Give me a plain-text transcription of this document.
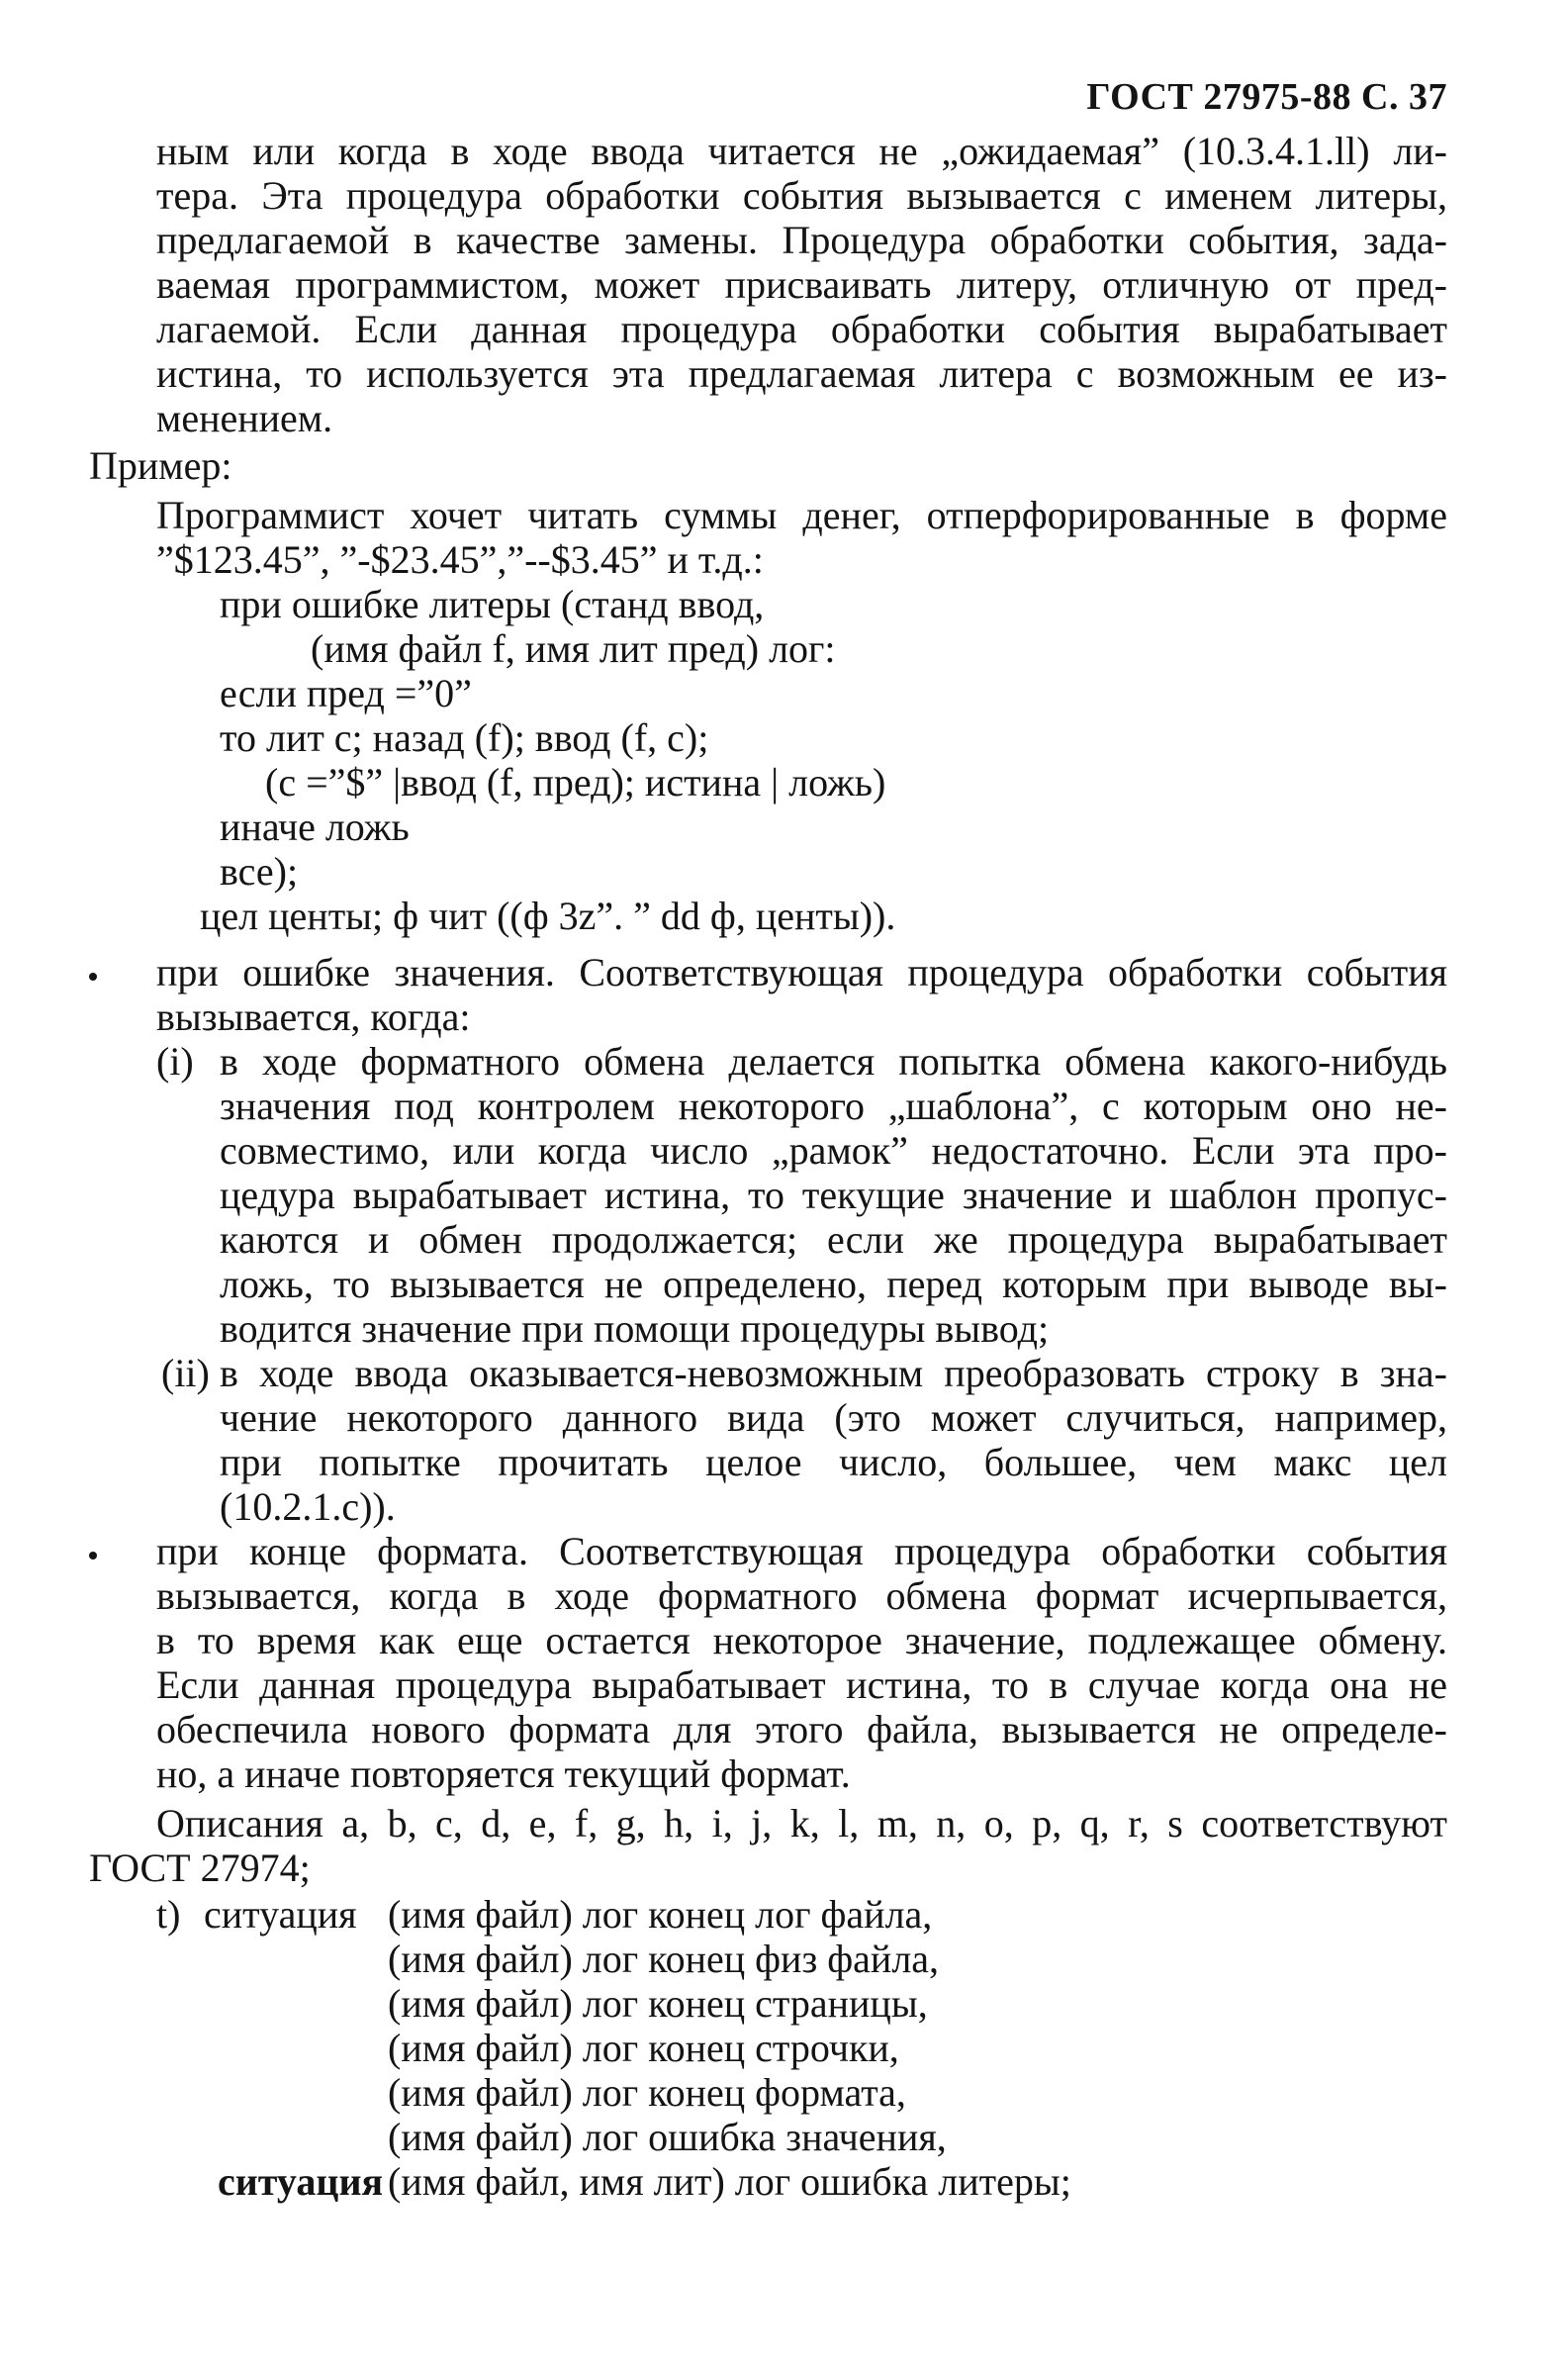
ГОСТ 27975-88 С. 37
ным или когда в ходе ввода читается не „ожидаемая” (10.3.4.1.ll) ли-
тера. Эта процедура обработки события вызывается с именем литеры,
предлагаемой в качестве замены. Процедура обработки события, зада-
ваемая программистом, может присваивать литеру, отличную от пред-
лагаемой. Если данная процедура обработки события вырабатывает
истина, то используется эта предлагаемая литера с возможным ее из-
менением.
Пример:
Программист хочет читать суммы денег, отперфорированные в форме
”$123.45”, ”-$23.45”,”--$3.45” и т.д.:
при ошибке литеры (станд ввод,
(имя файл f, имя лит пред) лог:
если пред =”0”
то лит с; назад (f); ввод (f, c);
(c =”$” |ввод (f, пред); истина | ложь)
иначе ложь
все);
цел центы; ф чит ((ф 3z”. ” dd ф, центы)).
при ошибке значения. Соответствующая процедура обработки события
вызывается, когда:
(i) в ходе форматного обмена делается попытка обмена какого-нибудь
значения под контролем некоторого „шаблона”, с которым оно не-
совместимо, или когда число „рамок” недостаточно. Если эта про-
цедура вырабатывает истина, то текущие значение и шаблон пропус-
каются и обмен продолжается; если же процедура вырабатывает
ложь, то вызывается не определено, перед которым при выводе вы-
водится значение при помощи процедуры вывод;
(ii) в ходе ввода оказывается-невозможным преобразовать строку в зна-
чение некоторого данного вида (это может случиться, например,
при попытке прочитать целое число, большее, чем макс цел
(10.2.1.с)).
при конце формата. Соответствующая процедура обработки события
вызывается, когда в ходе форматного обмена формат исчерпывается,
в то время как еще остается некоторое значение, подлежащее обмену.
Если данная процедура вырабатывает истина, то в случае когда она не
обеспечила нового формата для этого файла, вызывается не определе-
но, а иначе повторяется текущий формат.
Описания a, b, c, d, e, f, g, h, i, j, k, l, m, n, o, p, q, r, s соответствуют
ГОСТ 27974;
t) ситуация (имя файл) лог конец лог файла,
(имя файл) лог конец физ файла,
(имя файл) лог конец страницы,
(имя файл) лог конец строчки,
(имя файл) лог конец формата,
(имя файл) лог ошибка значения,
ситуация (имя файл, имя лит) лог ошибка литеры;
